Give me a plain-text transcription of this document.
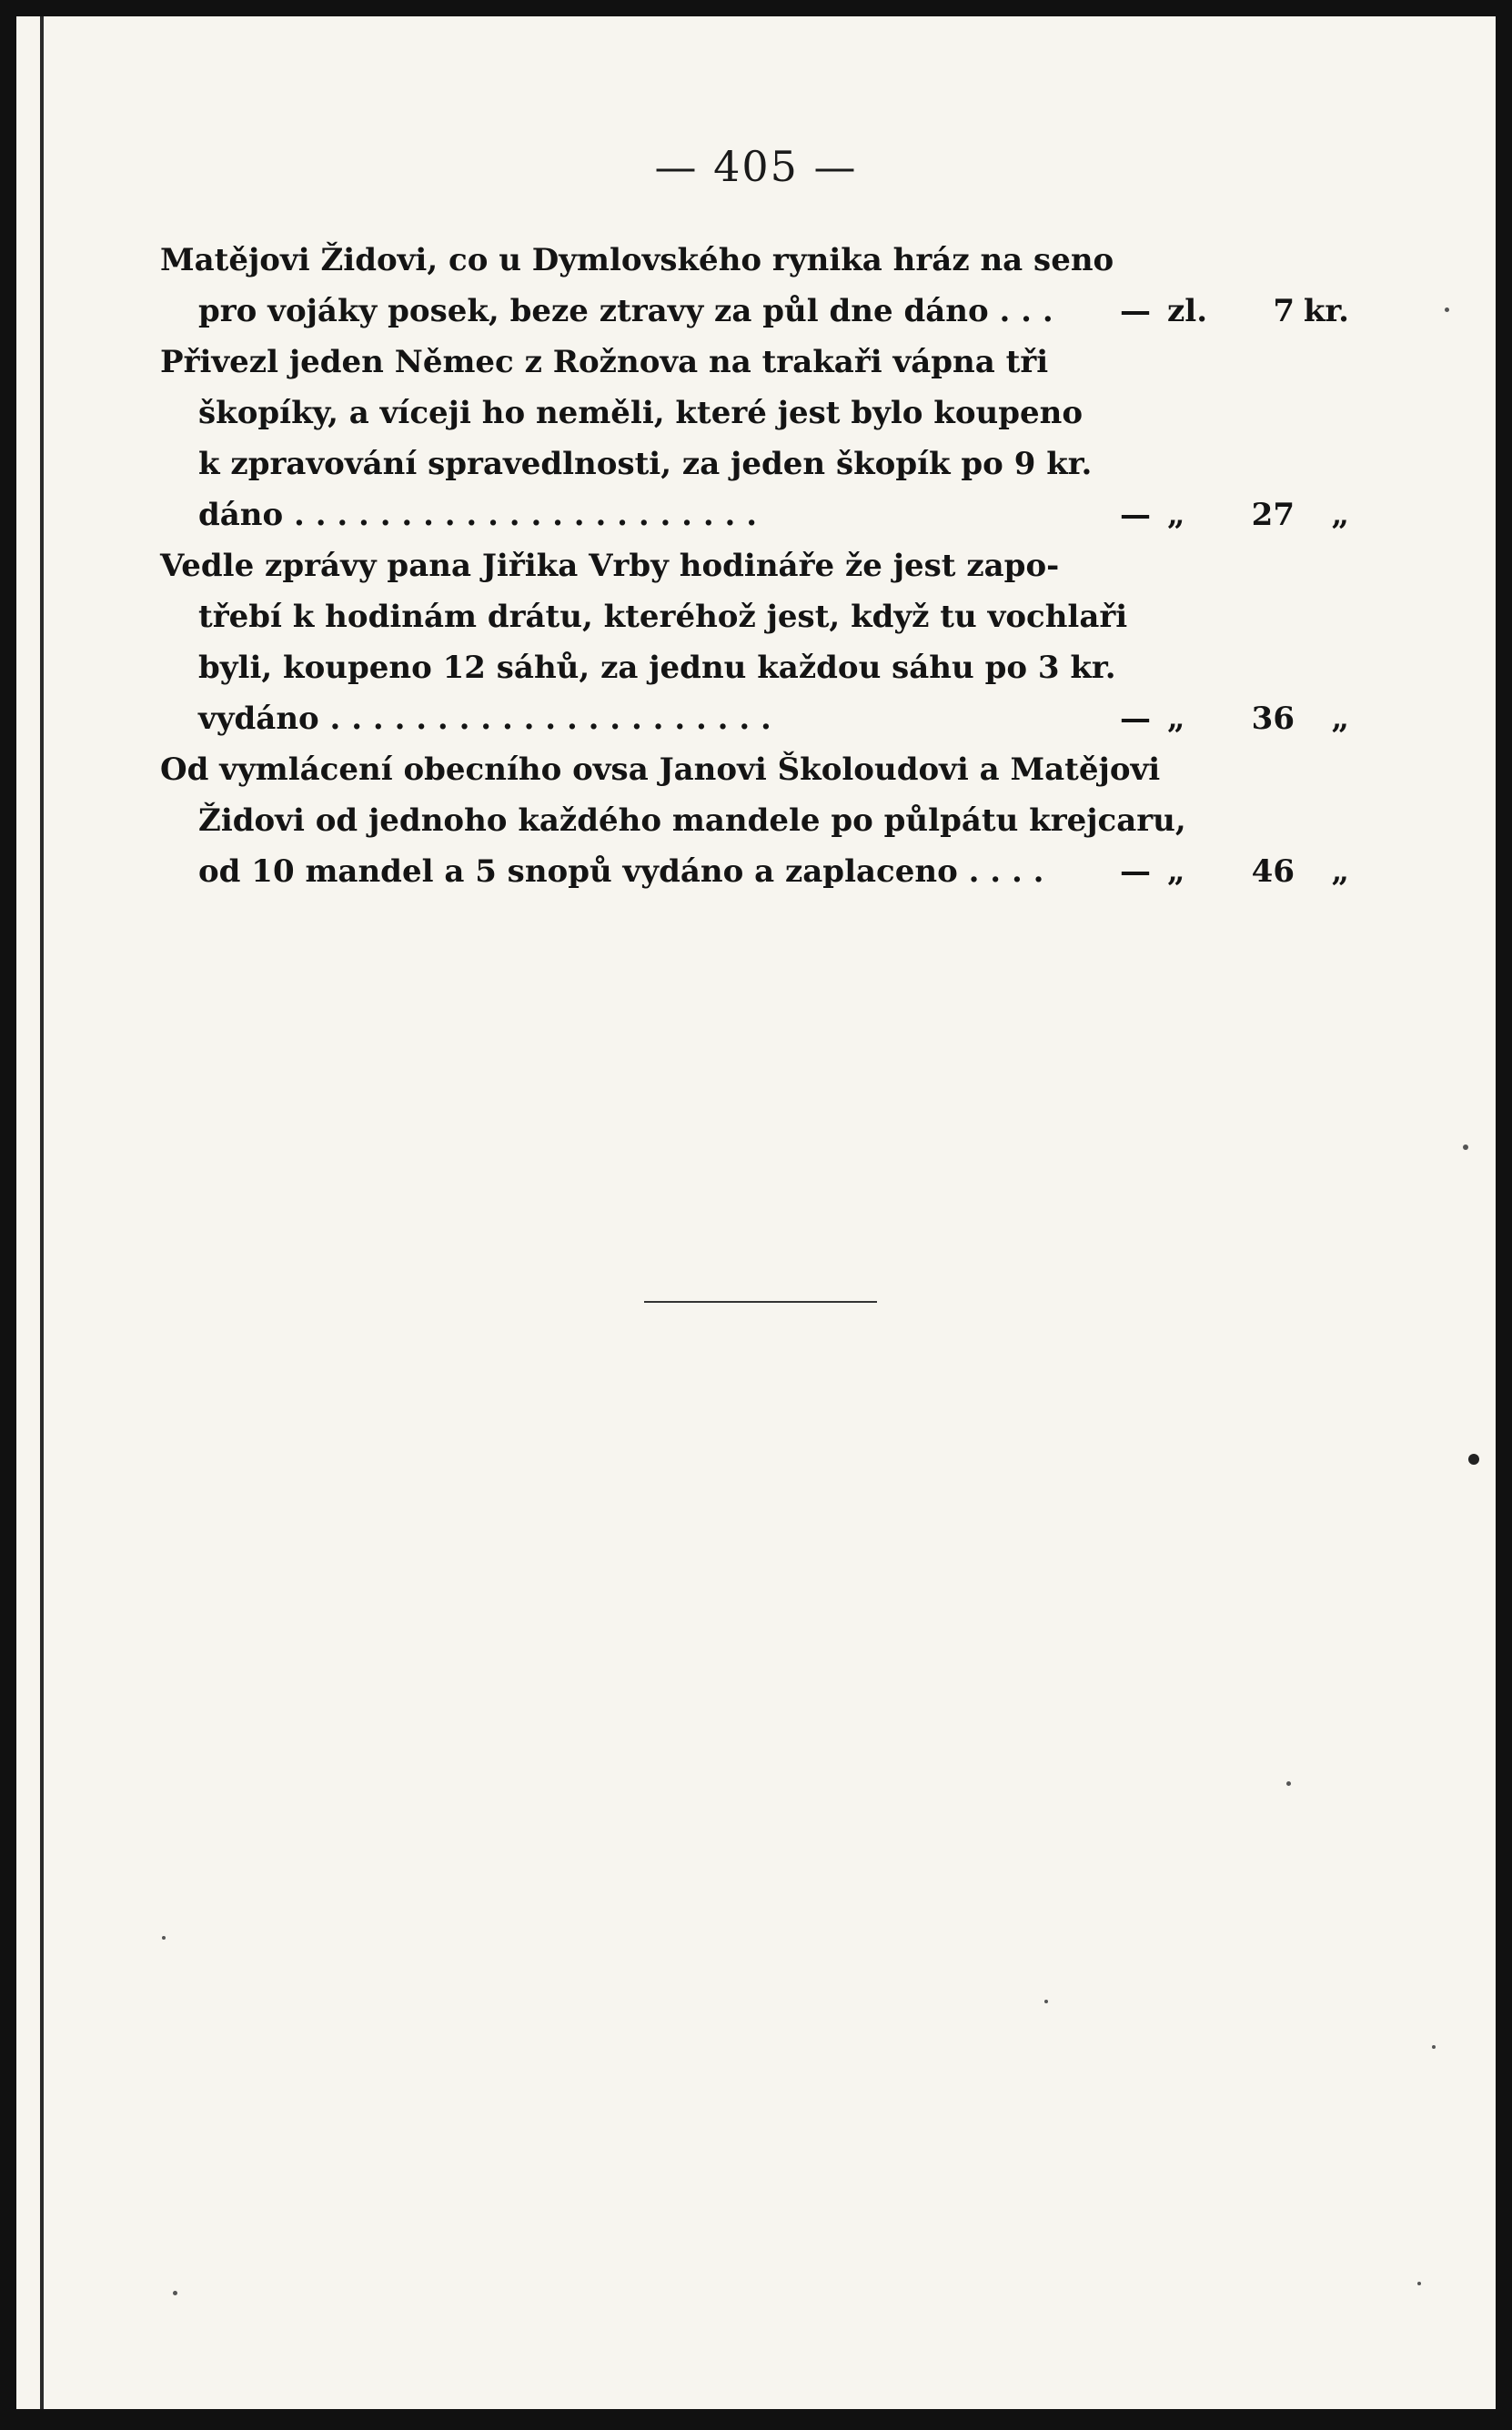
— 405 —
Matějovi Židovi, co u Dymlovského rynika hráz na seno
pro vojáky posek, beze ztravy za půl dne dáno . . . — zl. 7 kr.
Přivezl jeden Němec z Rožnova na trakaři vápna tři
škopíky, a víceji ho neměli, které jest bylo koupeno
k zpravování spravedlnosti, za jeden škopík po 9 kr.
dáno . . . . . . . . . . . . . . . . . . . . . .	— „ 27 „
Vedle zprávy pana Jiřika Vrby hodináře že jest zapo-
třebí k hodinám drátu, kteréhož jest, když tu vochlaři
byli, koupeno 12 sáhů, za jednu každou sáhu po 3 kr.
vydáno . . . . . . . . . . . . . . . . . . . . .	— „ 36 „
Od vymlácení obecního ovsa Janovi Školoudovi a Matějovi
Židovi od jednoho každého mandele po půlpátu krejcaru,
od 10 mandel a 5 snopů vydáno a zaplaceno . . . . — „ 46 „
